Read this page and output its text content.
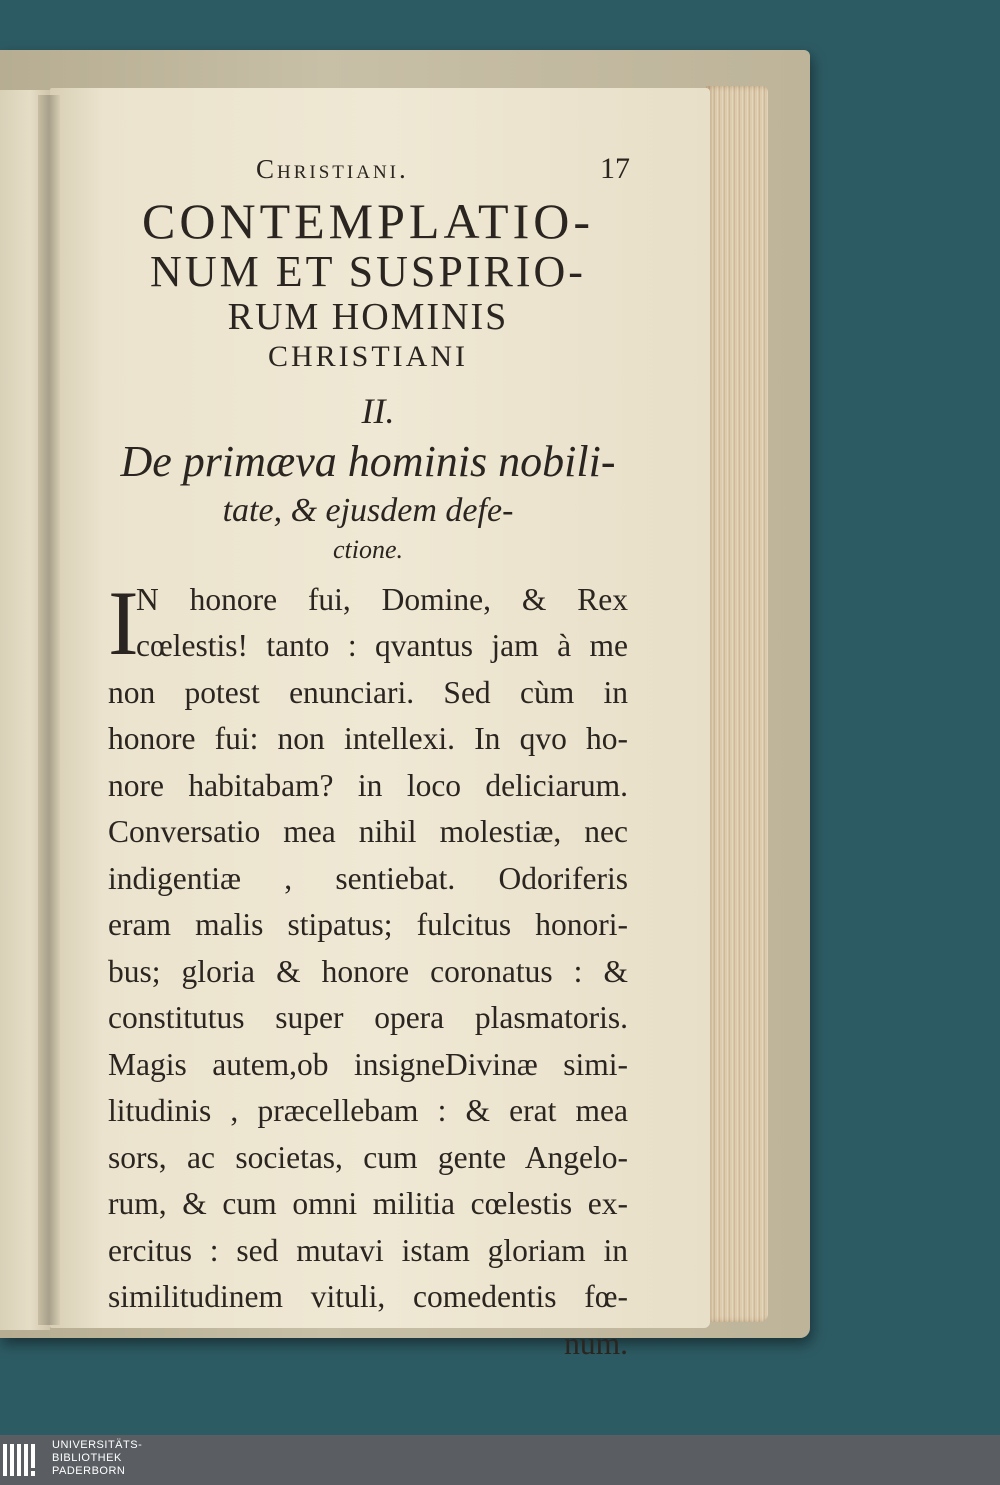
Christiani.	17
CONTEMPLATIO-
NUM ET SUSPIRIO-
RUM HOMINIS
CHRISTIANI
II.
De primæva hominis nobili-
tate, & ejusdem defe-
ctione.
I
N honore fui, Domine, & Rex
cœlestis! tanto : qvantus jam à me
non potest enunciari. Sed cùm in
honore fui: non intellexi. In qvo ho-
nore habitabam? in loco deliciarum.
Conversatio mea nihil molestiæ, nec
indigentiæ , sentiebat. Odoriferis
eram malis stipatus; fulcitus honori-
bus; gloria & honore coronatus : &
constitutus super opera plasmatoris.
Magis autem,ob insigneDivinæ simi-
litudinis , præcellebam : & erat mea
sors, ac societas, cum gente Angelo-
rum, & cum omni militia cœlestis ex-
ercitus : sed mutavi istam gloriam in
similitudinem vituli, comedentis fœ-
num.
UNIVERSITÄTS-
BIBLIOTHEK
PADERBORN
